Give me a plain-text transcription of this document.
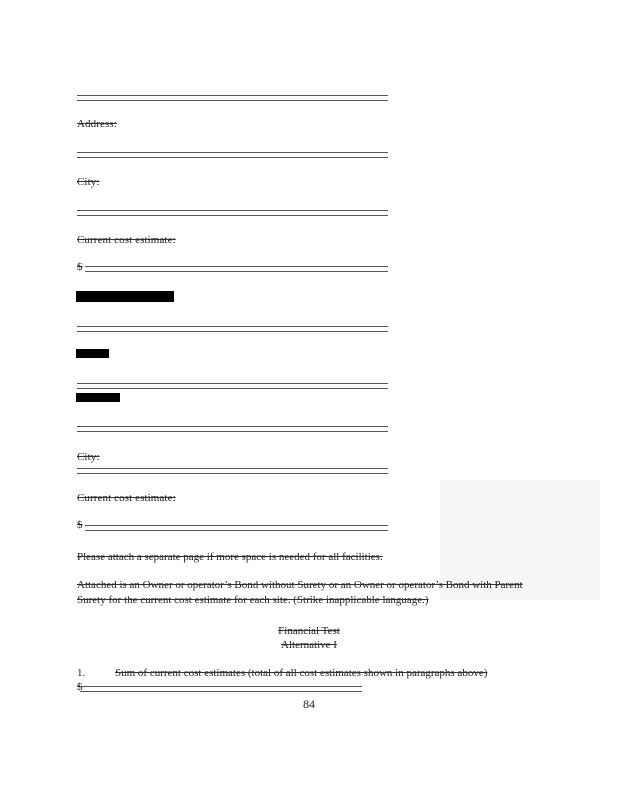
Address:
City:
Current cost estimate:
$
City:
Current cost estimate:
$
Please attach a separate page if more space is needed for all facilities.
Attached is an Owner or operator’s Bond without Surety or an Owner or operator’s Bond with Parent Surety for the current cost estimate for each site. (Strike inapplicable language.)
Financial Test
Alternative I
1.	Sum of current cost estimates (total of all cost estimates shown in paragraphs above)
$
84
